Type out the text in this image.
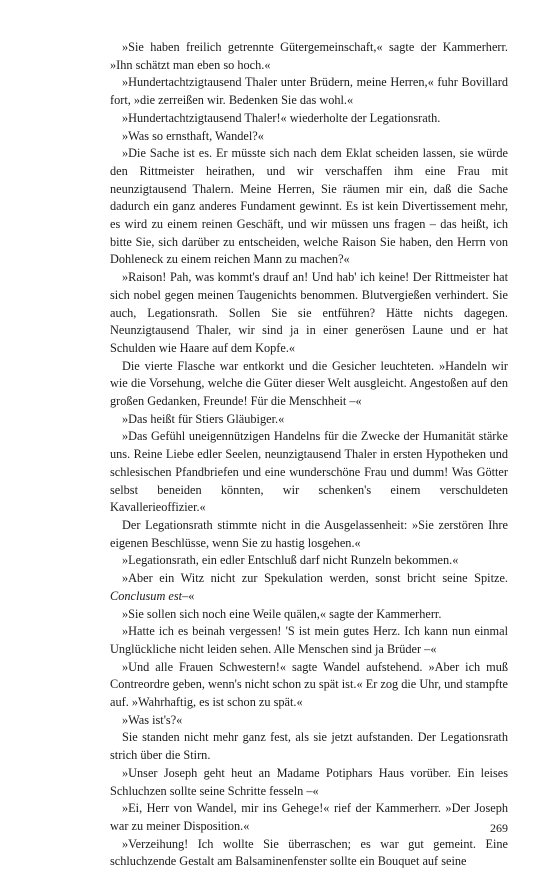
»Sie haben freilich getrennte Gütergemeinschaft,« sagte der Kammerherr. »Ihn schätzt man eben so hoch.«

»Hundertachtzigtausend Thaler unter Brüdern, meine Herren,« fuhr Bovillard fort, »die zerreißen wir. Bedenken Sie das wohl.«

»Hundertachtzigtausend Thaler!« wiederholte der Legationsrath.

»Was so ernsthaft, Wandel?«

»Die Sache ist es. Er müsste sich nach dem Eklat scheiden lassen, sie würde den Rittmeister heirathen, und wir verschaffen ihm eine Frau mit neunzigtausend Thalern. Meine Herren, Sie räumen mir ein, daß die Sache dadurch ein ganz anderes Fundament gewinnt. Es ist kein Divertissement mehr, es wird zu einem reinen Geschäft, und wir müssen uns fragen – das heißt, ich bitte Sie, sich darüber zu entscheiden, welche Raison Sie haben, den Herrn von Dohleneck zu einem reichen Mann zu machen?«

»Raison! Pah, was kommt's drauf an! Und hab' ich keine! Der Rittmeister hat sich nobel gegen meinen Taugenichts benommen. Blutvergießen verhindert. Sie auch, Legationsrath. Sollen Sie sie entführen? Hätte nichts dagegen. Neunzigtausend Thaler, wir sind ja in einer generösen Laune und er hat Schulden wie Haare auf dem Kopfe.«

Die vierte Flasche war entkorkt und die Gesicher leuchteten. »Handeln wir wie die Vorsehung, welche die Güter dieser Welt ausgleicht. Angestoßen auf den großen Gedanken, Freunde! Für die Menschheit –«

»Das heißt für Stiers Gläubiger.«

»Das Gefühl uneigennützigen Handelns für die Zwecke der Humanität stärke uns. Reine Liebe edler Seelen, neunzigtausend Thaler in ersten Hypotheken und schlesischen Pfandbriefen und eine wunderschöne Frau und dumm! Was Götter selbst beneiden könnten, wir schenken's einem verschuldeten Kavallerieoffizier.«

Der Legationsrath stimmte nicht in die Ausgelassenheit: »Sie zerstören Ihre eigenen Beschlüsse, wenn Sie zu hastig losgehen.«

»Legationsrath, ein edler Entschluß darf nicht Runzeln bekommen.«

»Aber ein Witz nicht zur Spekulation werden, sonst bricht seine Spitze. Conclusum est–«

»Sie sollen sich noch eine Weile quälen,« sagte der Kammerherr.

»Hatte ich es beinah vergessen! 'S ist mein gutes Herz. Ich kann nun einmal Unglückliche nicht leiden sehen. Alle Menschen sind ja Brüder –«

»Und alle Frauen Schwestern!« sagte Wandel aufstehend. »Aber ich muß Contreordre geben, wenn's nicht schon zu spät ist.« Er zog die Uhr, und stampfte auf. »Wahrhaftig, es ist schon zu spät.«

»Was ist's?«

Sie standen nicht mehr ganz fest, als sie jetzt aufstanden. Der Legationsrath strich über die Stirn.

»Unser Joseph geht heut an Madame Potiphars Haus vorüber. Ein leises Schluchzen sollte seine Schritte fesseln –«

»Ei, Herr von Wandel, mir ins Gehege!« rief der Kammerherr. »Der Joseph war zu meiner Disposition.«

»Verzeihung! Ich wollte Sie überraschen; es war gut gemeint. Eine schluchzende Gestalt am Balsaminenfenster sollte ein Bouquet auf seine

269
